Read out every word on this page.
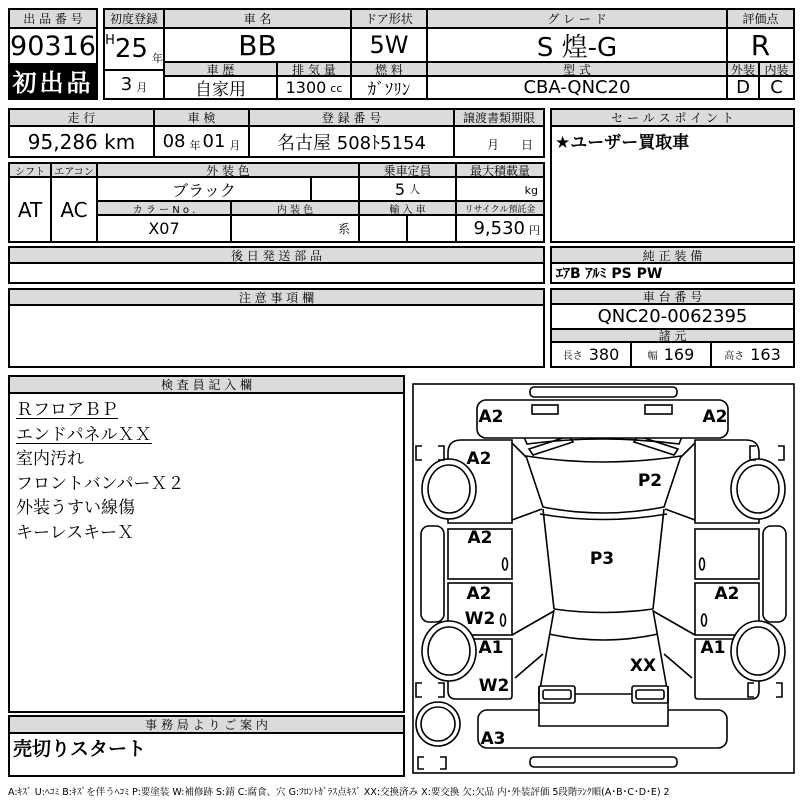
出 品 番 号
90316
初出品
初度登録
H 25 年
3 月
車 名
BB
車 歴
自家用
排 気 量
1300 cc
ドア形状
5W
燃 料
ｶﾞｿﾘﾝ
グ レ ー ド
S 煌-G
型 式
CBA-QNC20
評価点
R
外装 内装
D	C
走 行
95,286 km
車 検
08 年 01 月
登 録 番 号
名古屋 508ﾄ5154
譲渡書類期限
月 日
セ ー ル ス ポ イ ン ト
★ユーザー買取車
シフト
AT
エアコン
AC
外 装 色
ブラック
カ ラ ー N o .
X07
内 装 色
系
乗車定員
5 人
最大積載量
kg
輸 入 車	リサイクル預託金
9,530 円
後 日 発 送 部 品	純 正 装 備
ｴｱB ｱﾙﾐ PS PW
注 意 事 項 欄	車 台 番 号
QNC20-0062395
諸 元
長さ 380	幅 169	高さ 163
検 査 員 記 入 欄
ＲフロアＢＰ
エンドパネルＸＸ
室内汚れ
フロントバンパーＸ２
外装うすい線傷
キーレスキーＸ
事 務 局 よ り ご 案 内
売切りスタート
A2	A2
A2
P2
A2
P3
A2	A2
W2
A1	A1
XX
W2
A3
A:ｷｽﾞ U:ﾍｺﾐ B:ｷｽﾞを伴うﾍｺﾐ P:要塗装 W:補修跡 S:錆 C:腐食、穴 G:ﾌﾛﾝﾄｶﾞﾗｽ点ｷｽﾞ XX:交換済み X:要交換 欠:欠品 内･外装評価 5段階ﾗﾝｸ順(A･B･C･D･E) 2
